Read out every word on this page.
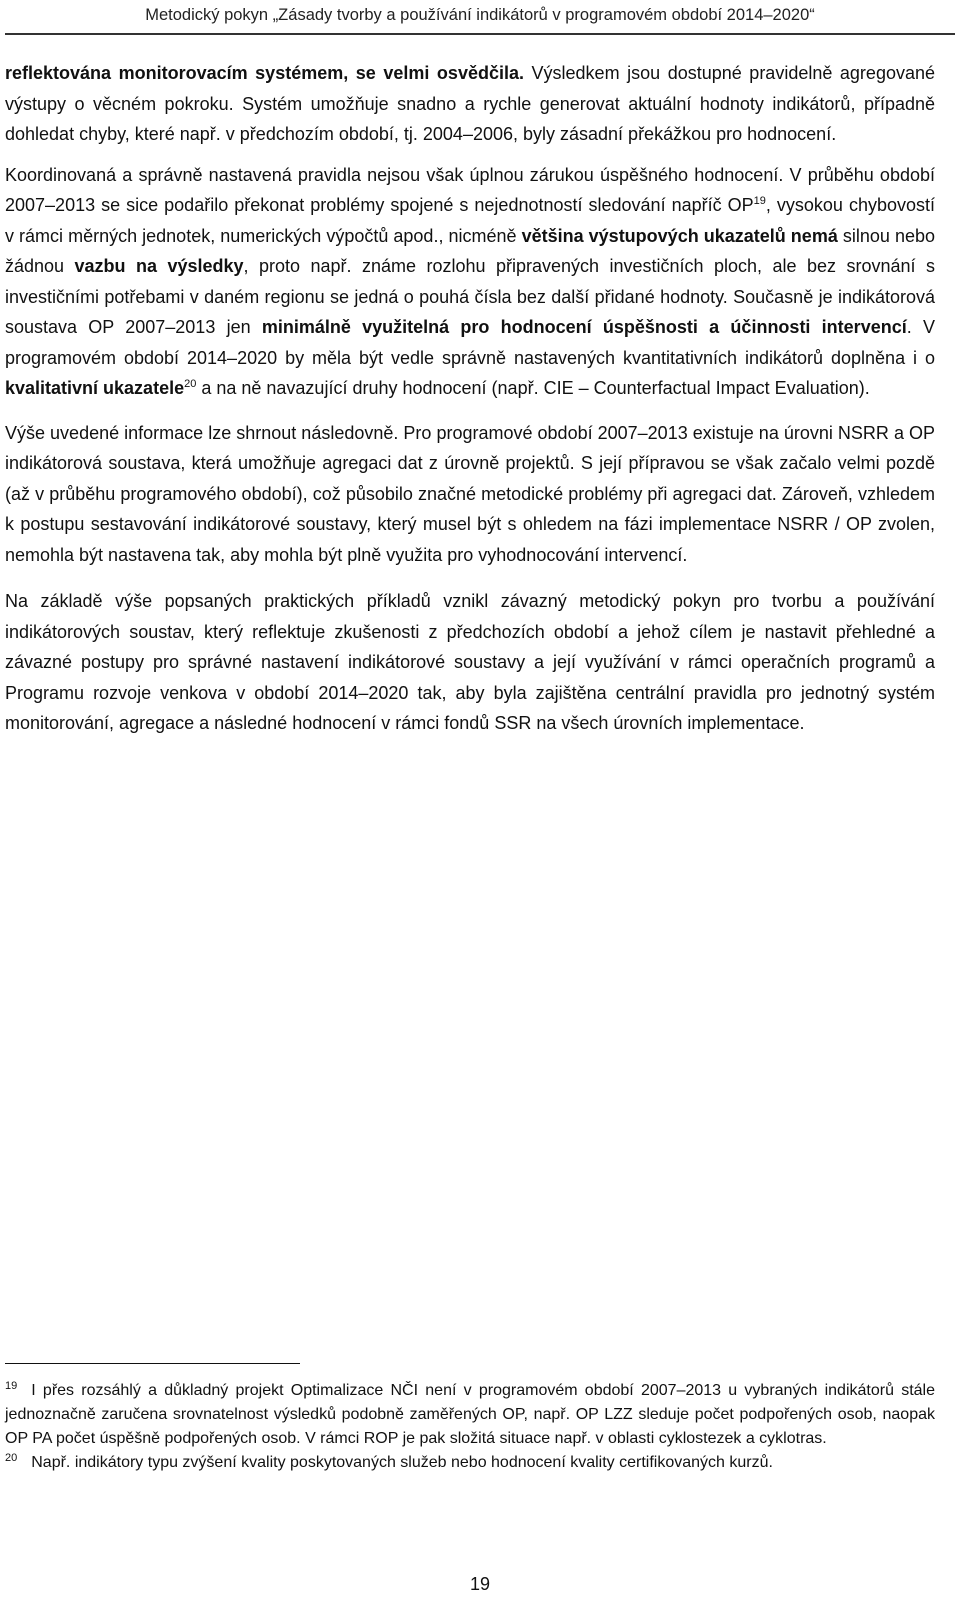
Metodický pokyn „Zásady tvorby a používání indikátorů v programovém období 2014–2020“

reflektována monitorovacím systémem, se velmi osvědčila. Výsledkem jsou dostupné pravidelně agregované výstupy o věcném pokroku. Systém umožňuje snadno a rychle generovat aktuální hodnoty indikátorů, případně dohledat chyby, které např. v předchozím období, tj. 2004–2006, byly zásadní překážkou pro hodnocení.

Koordinovaná a správně nastavená pravidla nejsou však úplnou zárukou úspěšného hodnocení. V průběhu období 2007–2013 se sice podařilo překonat problémy spojené s nejednotností sledování napříč OP$^{19}$, vysokou chybovostí v rámci měrných jednotek, numerických výpočtů apod., nicméně většina výstupových ukazatelů nemá silnou nebo žádnou vazbu na výsledky, proto např. známe rozlohu připravených investičních ploch, ale bez srovnání s investičními potřebami v daném regionu se jedná o pouhá čísla bez další přidané hodnoty. Současně je indikátorová soustava OP 2007–2013 jen minimálně využitelná pro hodnocení úspěšnosti a účinnosti intervencí. V programovém období 2014–2020 by měla být vedle správně nastavených kvantitativních indikátorů doplněna i o kvalitativní ukazatele$^{20}$ a na ně navazující druhy hodnocení (např. CIE – Counterfactual Impact Evaluation).

Výše uvedené informace lze shrnout následovně. Pro programové období 2007–2013 existuje na úrovni NSRR a OP indikátorová soustava, která umožňuje agregaci dat z úrovně projektů. S její přípravou se však začalo velmi pozdě (až v průběhu programového období), což působilo značné metodické problémy při agregaci dat. Zároveň, vzhledem k postupu sestavování indikátorové soustavy, který musel být s ohledem na fázi implementace NSRR / OP zvolen, nemohla být nastavena tak, aby mohla být plně využita pro vyhodnocování intervencí.

Na základě výše popsaných praktických příkladů vznikl závazný metodický pokyn pro tvorbu a používání indikátorových soustav, který reflektuje zkušenosti z předchozích období a jehož cílem je nastavit přehledné a závazné postupy pro správné nastavení indikátorové soustavy a její využívání v rámci operačních programů a Programu rozvoje venkova v období 2014–2020 tak, aby byla zajištěna centrální pravidla pro jednotný systém monitorování, agregace a následné hodnocení v rámci fondů SSR na všech úrovních implementace.

$^{19}$ I přes rozsáhlý a důkladný projekt Optimalizace NČI není v programovém období 2007–2013 u vybraných indikátorů stále jednoznačně zaručena srovnatelnost výsledků podobně zaměřených OP, např. OP LZZ sleduje počet podpořených osob, naopak OP PA počet úspěšně podpořených osob. V rámci ROP je pak složitá situace např. v oblasti cyklostezek a cyklotras.

$^{20}$ Např. indikátory typu zvýšení kvality poskytovaných služeb nebo hodnocení kvality certifikovaných kurzů.

19
